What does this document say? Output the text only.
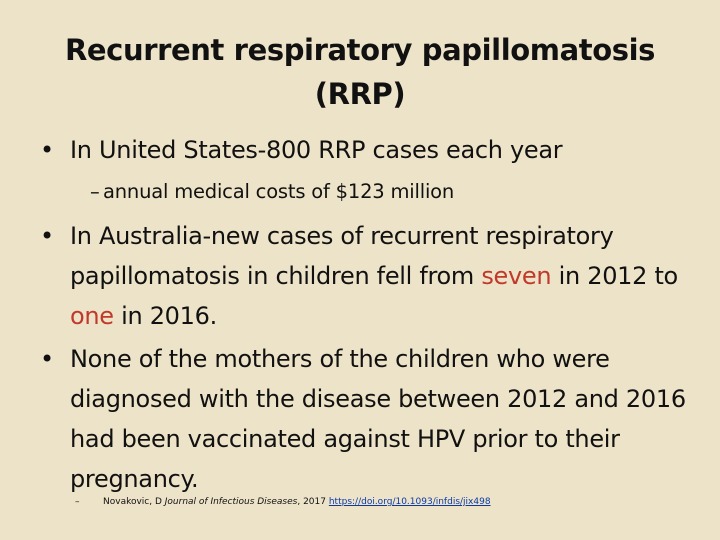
Recurrent respiratory papillomatosis
(RRP)
• In United States-800 RRP cases each year
– annual medical costs of $123 million
• In Australia-new cases of recurrent respiratory papillomatosis in children fell from seven in 2012 to one in 2016.
• None of the mothers of the children who were diagnosed with the disease between 2012 and 2016 had been vaccinated against HPV prior to their pregnancy.
–	Novakovic, D Journal of Infectious Diseases, 2017 https://doi.org/10.1093/infdis/jix498
